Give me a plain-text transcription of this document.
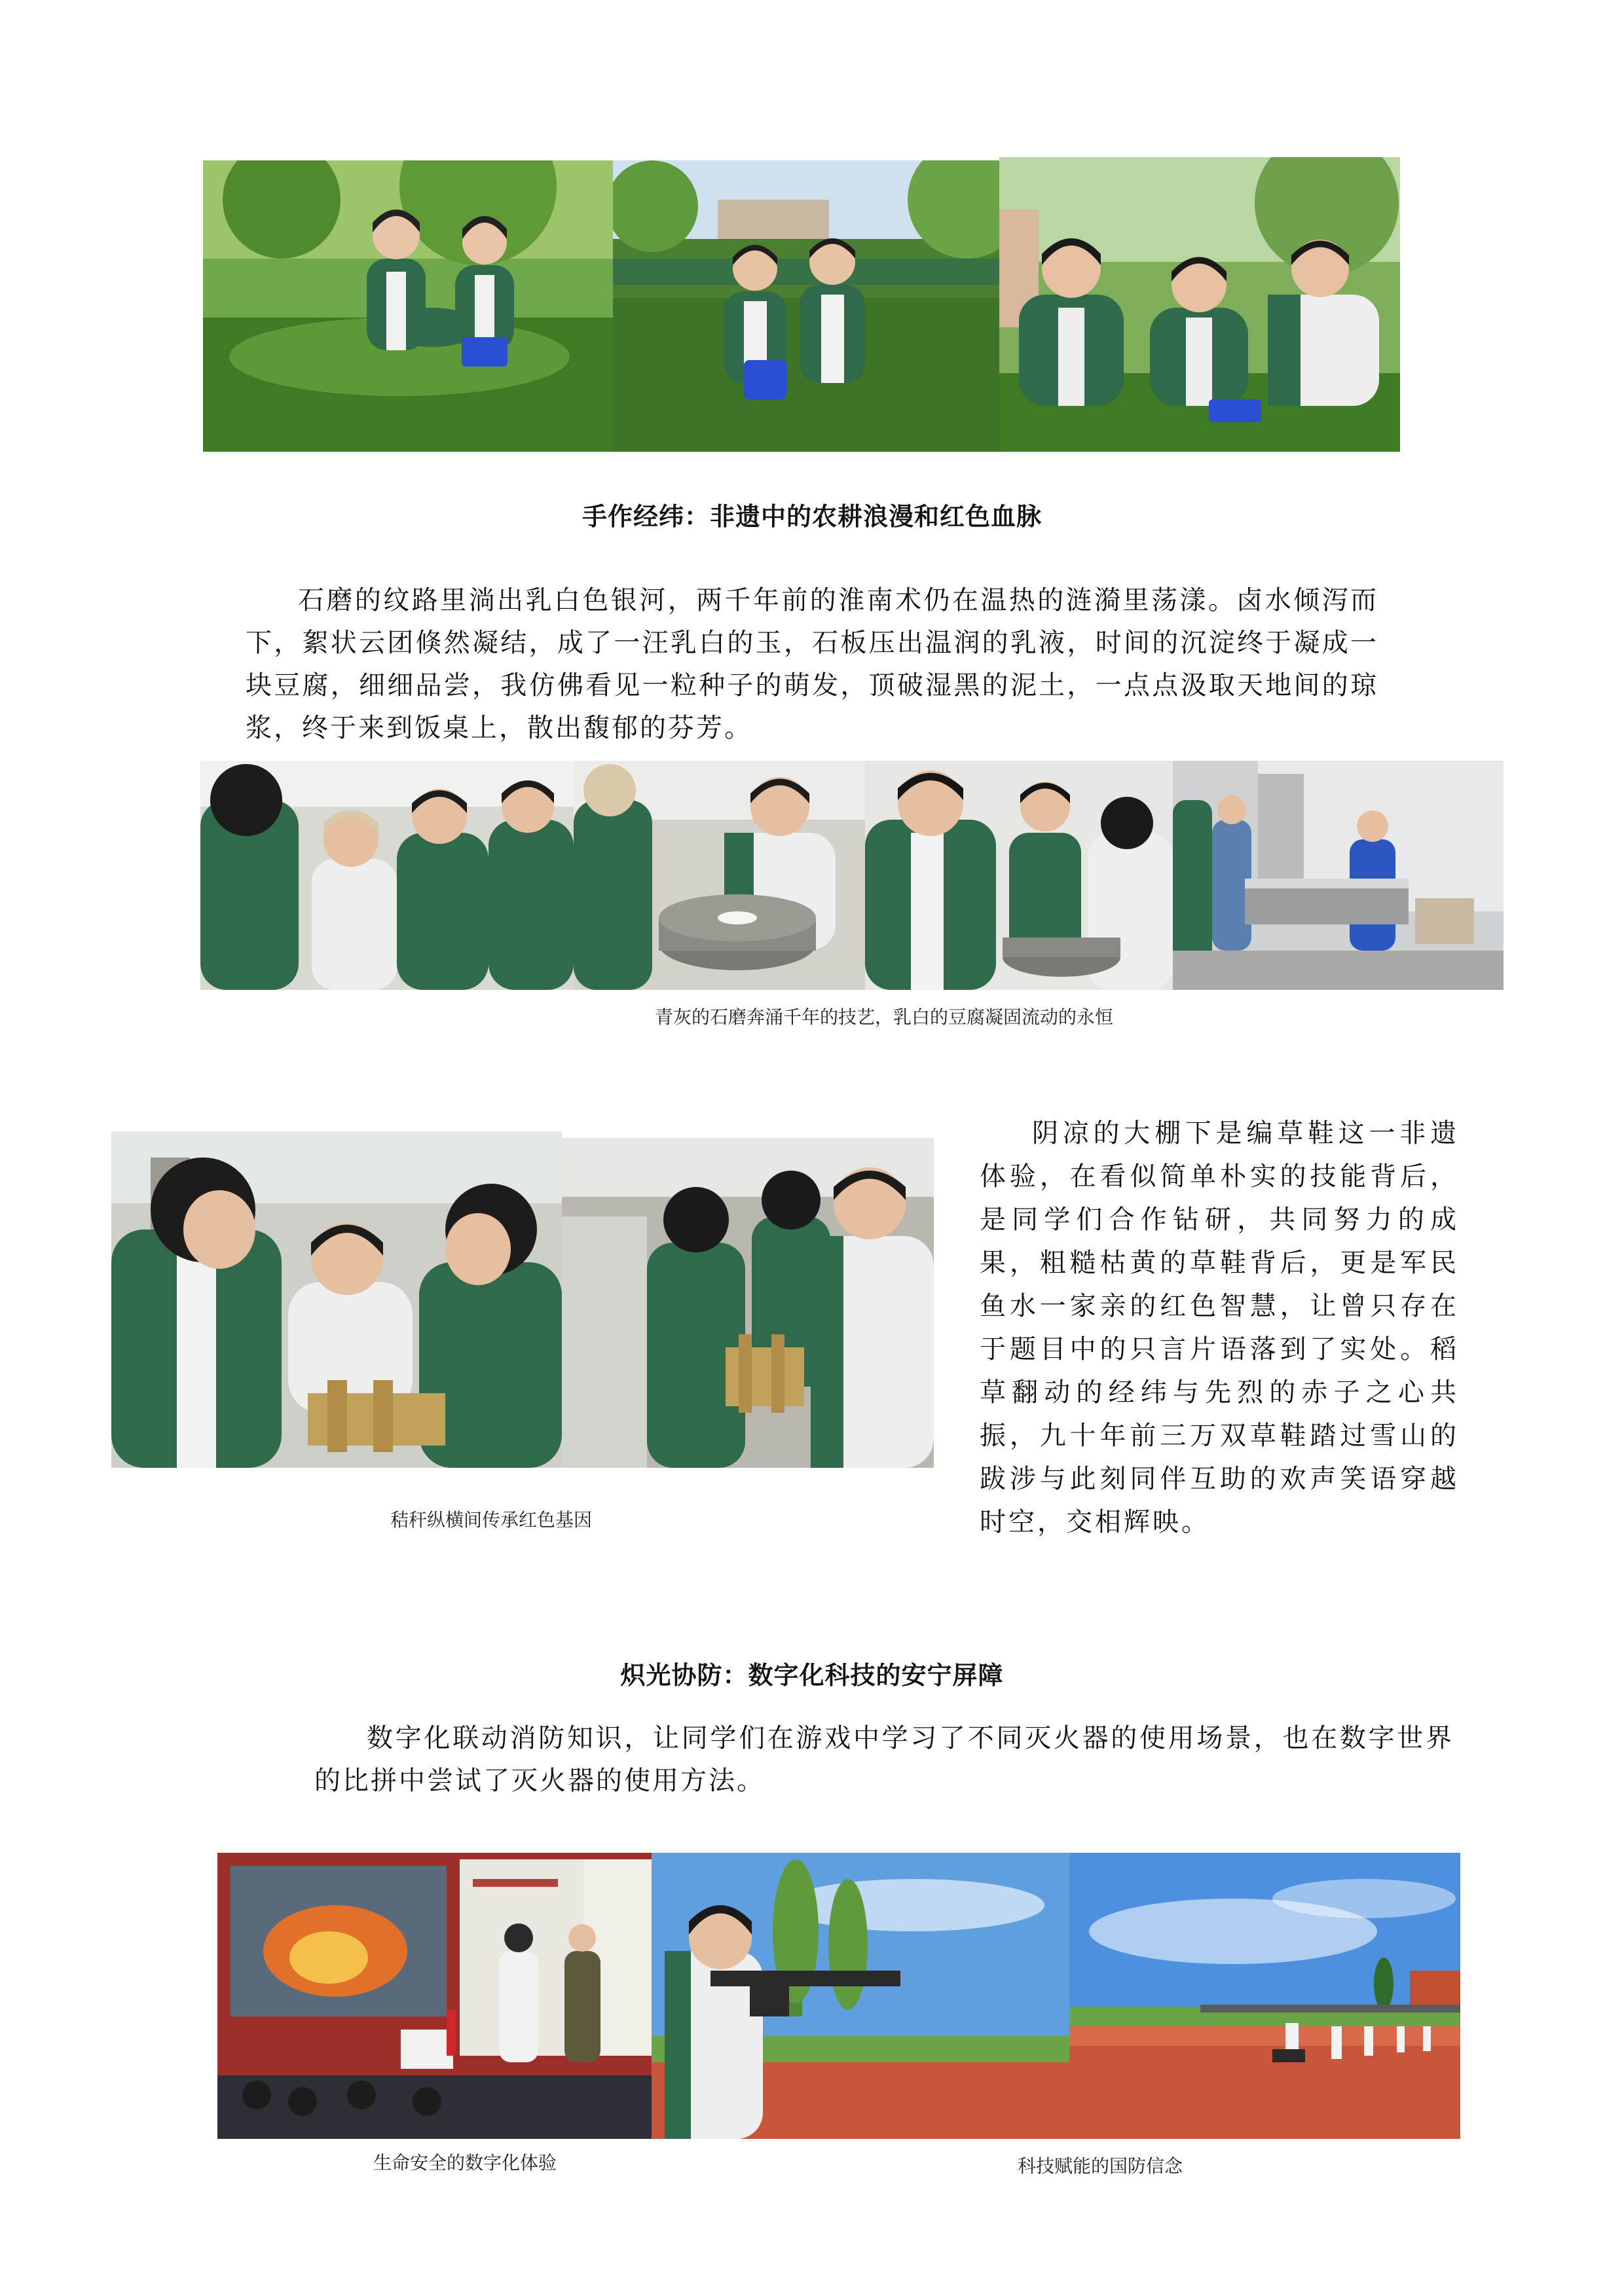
手作经纬：非遗中的农耕浪漫和红色血脉
石磨的纹路里淌出乳白色银河，两千年前的淮南术仍在温热的涟漪里荡漾。卤水倾泻而下，絮状云团倏然凝结，成了一汪乳白的玉，石板压出温润的乳液，时间的沉淀终于凝成一块豆腐，细细品尝，我仿佛看见一粒种子的萌发，顶破湿黑的泥土，一点点汲取天地间的琼浆，终于来到饭桌上，散出馥郁的芬芳。
青灰的石磨奔涌千年的技艺，乳白的豆腐凝固流动的永恒
阴凉的大棚下是编草鞋这一非遗体验，在看似简单朴实的技能背后，是同学们合作钻研，共同努力的成果，粗糙枯黄的草鞋背后，更是军民鱼水一家亲的红色智慧，让曾只存在于题目中的只言片语落到了实处。稻草翻动的经纬与先烈的赤子之心共振，九十年前三万双草鞋踏过雪山的跋涉与此刻同伴互助的欢声笑语穿越时空，交相辉映。
秸秆纵横间传承红色基因
炽光协防：数字化科技的安宁屏障
数字化联动消防知识，让同学们在游戏中学习了不同灭火器的使用场景，也在数字世界的比拼中尝试了灭火器的使用方法。
生命安全的数字化体验	科技赋能的国防信念
